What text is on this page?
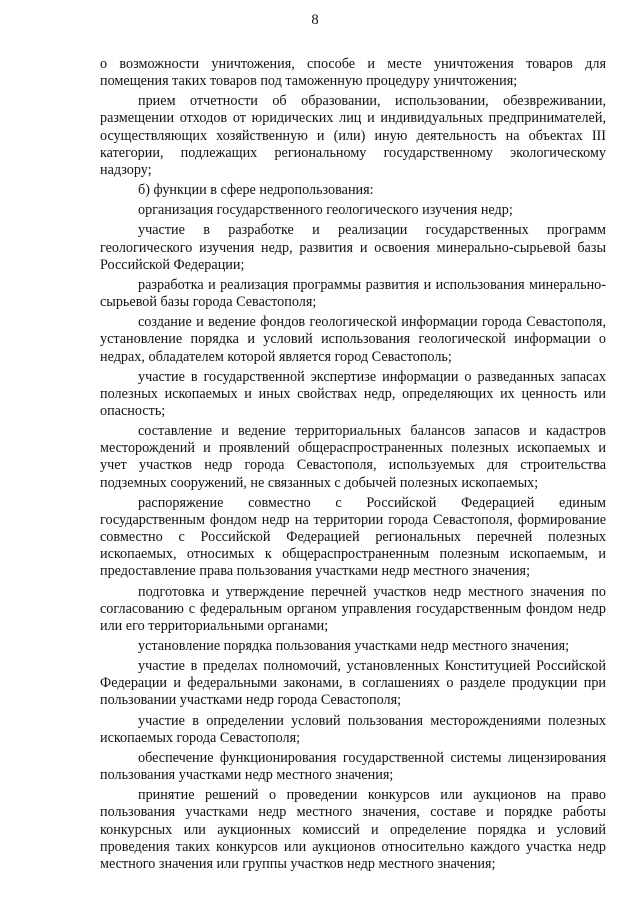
8

о возможности уничтожения, способе и месте уничтожения товаров для помещения таких товаров под таможенную процедуру уничтожения;

прием отчетности об образовании, использовании, обезвреживании, размещении отходов от юридических лиц и индивидуальных предпринимателей, осуществляющих хозяйственную и (или) иную деятельность на объектах III категории, подлежащих региональному государственному экологическому надзору;

б) функции в сфере недропользования:

организация государственного геологического изучения недр;

участие в разработке и реализации государственных программ геологического изучения недр, развития и освоения минерально-сырьевой базы Российской Федерации;

разработка и реализация программы развития и использования минерально-сырьевой базы города Севастополя;

создание и ведение фондов геологической информации города Севастополя, установление порядка и условий использования геологической информации о недрах, обладателем которой является город Севастополь;

участие в государственной экспертизе информации о разведанных запасах полезных ископаемых и иных свойствах недр, определяющих их ценность или опасность;

составление и ведение территориальных балансов запасов и кадастров месторождений и проявлений общераспространенных полезных ископаемых и учет участков недр города Севастополя, используемых для строительства подземных сооружений, не связанных с добычей полезных ископаемых;

распоряжение совместно с Российской Федерацией единым государственным фондом недр на территории города Севастополя, формирование совместно с Российской Федерацией региональных перечней полезных ископаемых, относимых к общераспространенным полезным ископаемым, и предоставление права пользования участками недр местного значения;

подготовка и утверждение перечней участков недр местного значения по согласованию с федеральным органом управления государственным фондом недр или его территориальными органами;

установление порядка пользования участками недр местного значения;

участие в пределах полномочий, установленных Конституцией Российской Федерации и федеральными законами, в соглашениях о разделе продукции при пользовании участками недр города Севастополя;

участие в определении условий пользования месторождениями полезных ископаемых города Севастополя;

обеспечение функционирования государственной системы лицензирования пользования участками недр местного значения;

принятие решений о проведении конкурсов или аукционов на право пользования участками недр местного значения, составе и порядке работы конкурсных или аукционных комиссий и определение порядка и условий проведения таких конкурсов или аукционов относительно каждого участка недр местного значения или группы участков недр местного значения;
